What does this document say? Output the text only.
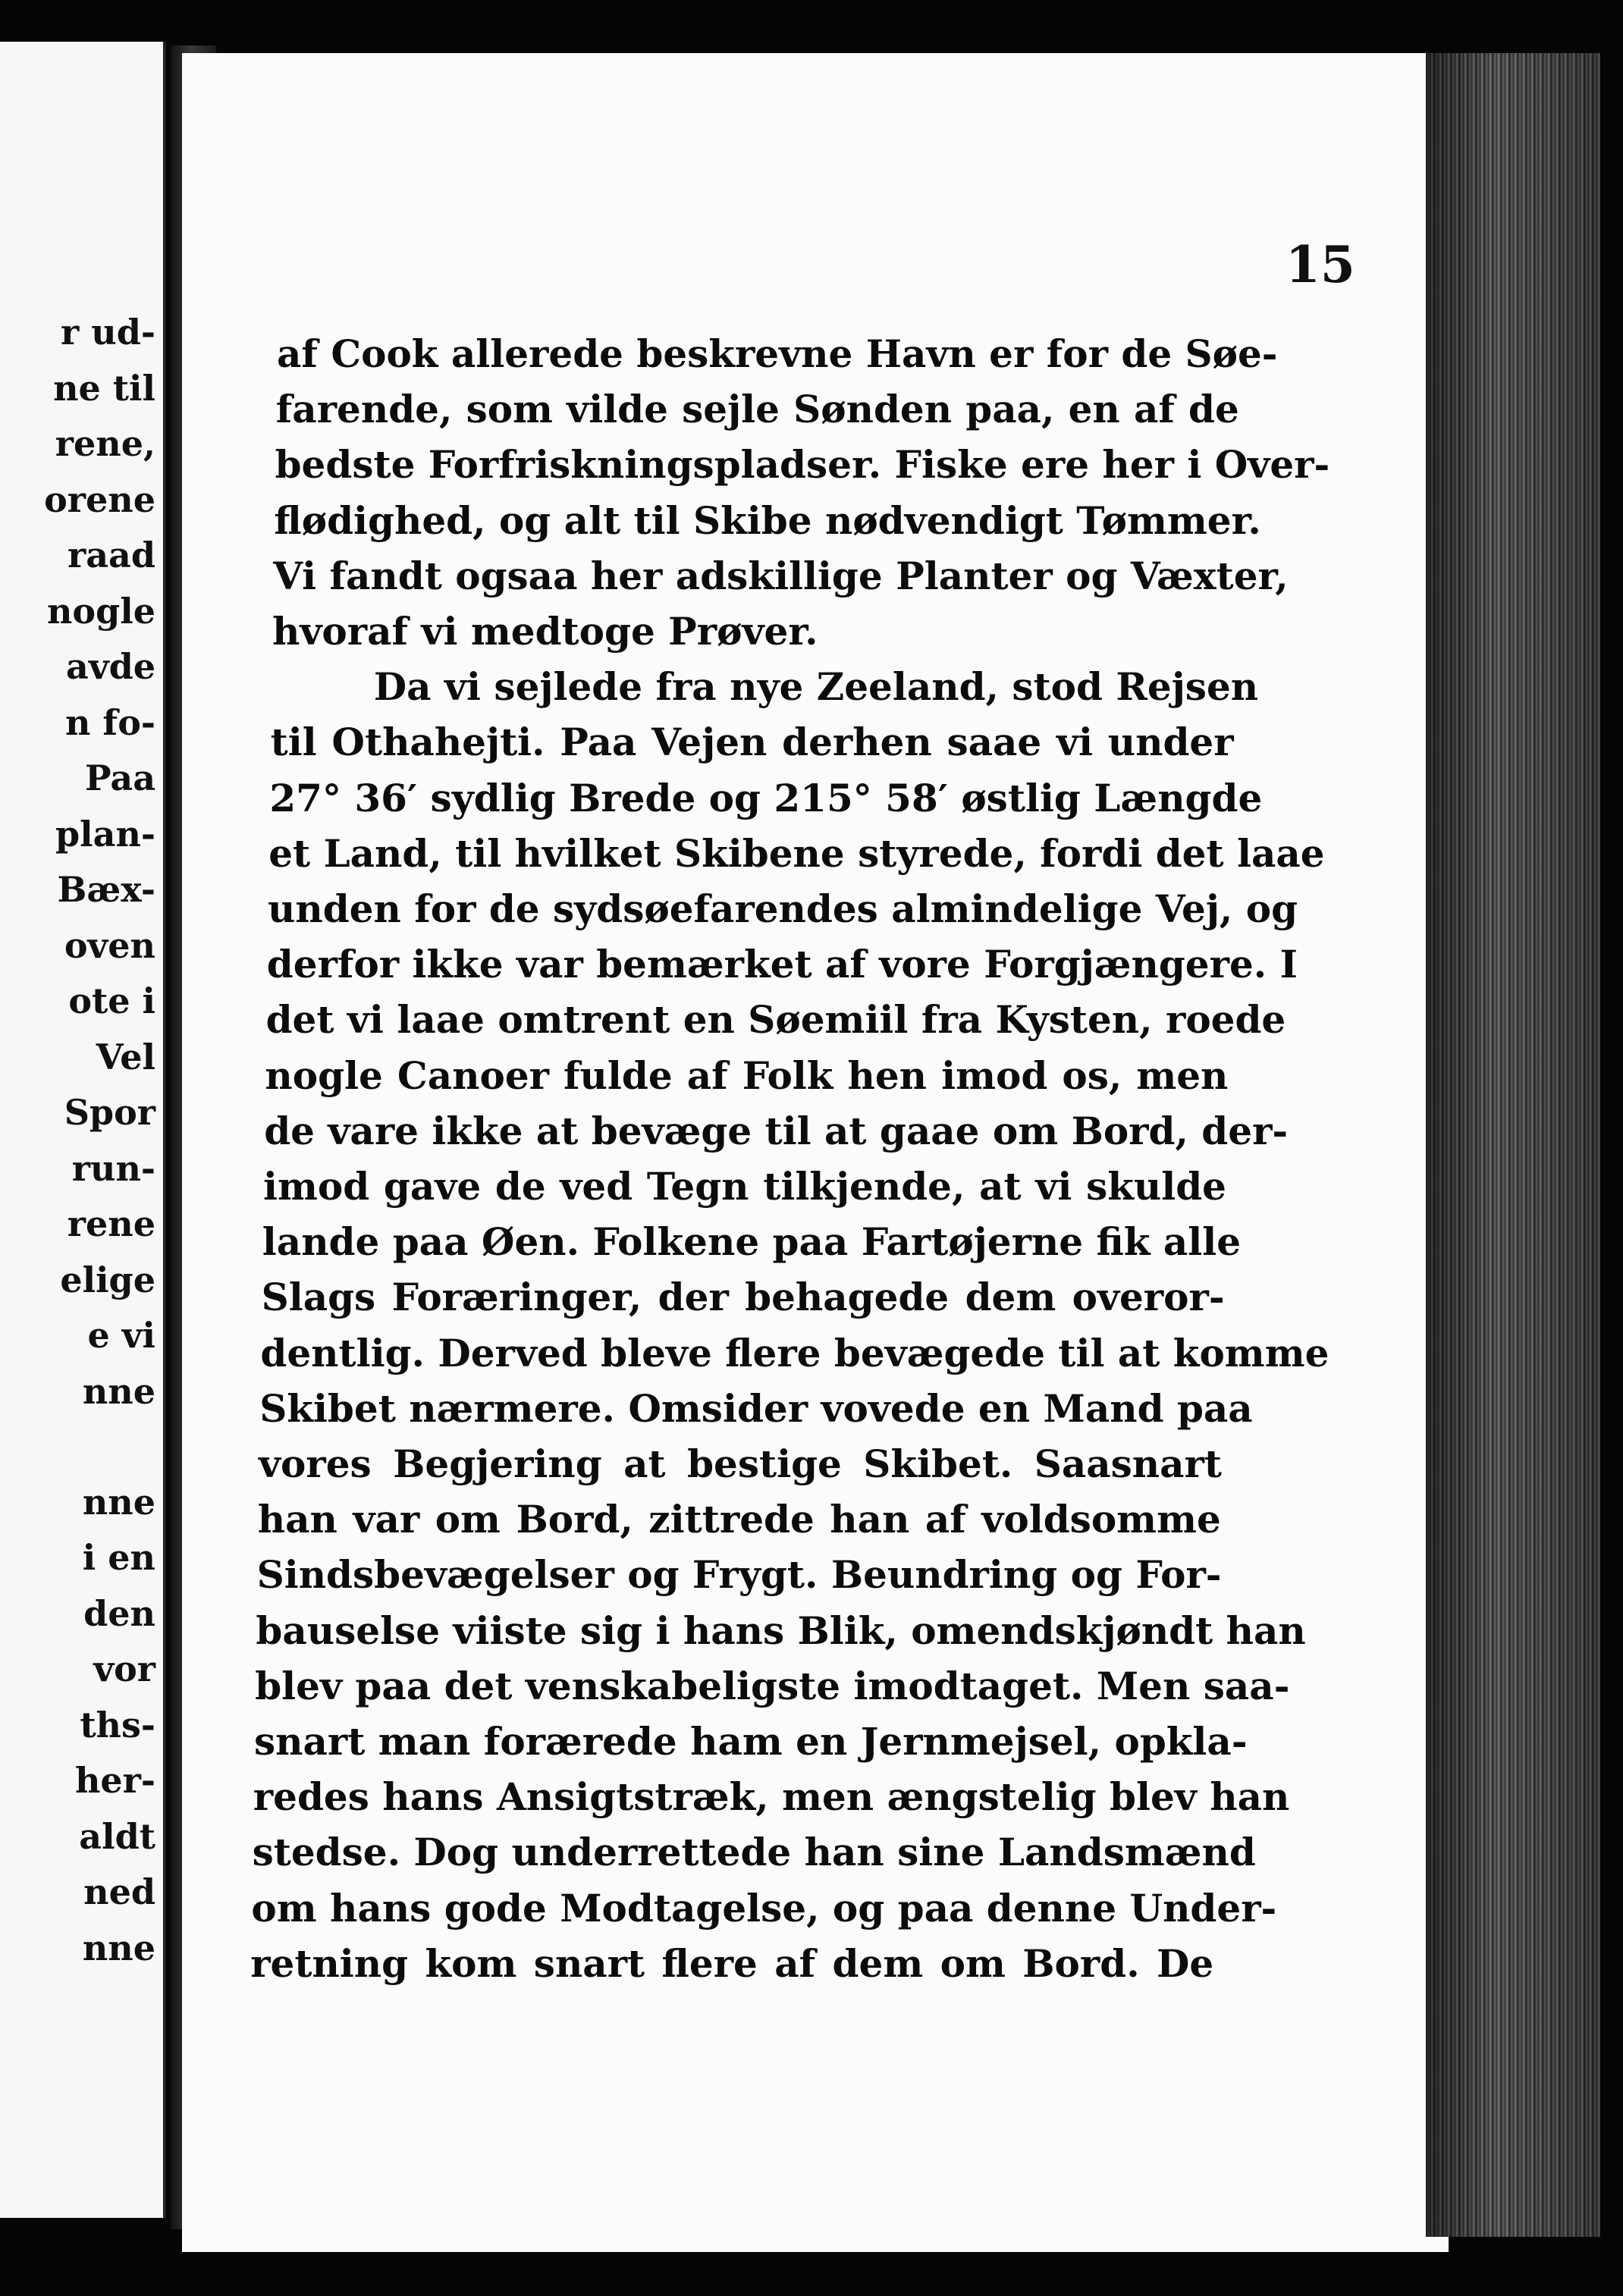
r ud-
ne til
rene,
orene
raad
nogle
avde
n fo-
Paa
plan-
Bæx-
oven
ote i
Vel
Spor
run-
rene
elige
e vi
nne
nne
i en
den
vor
ths-
her-
aldt
ned
nne
15
af Cook allerede beskrevne Havn er for de Søe-
farende, som vilde sejle Sønden paa, en af de
bedste Forfriskningspladser. Fiske ere her i Over-
flødighed, og alt til Skibe nødvendigt Tømmer.
Vi fandt ogsaa her adskillige Planter og Væxter,
hvoraf vi medtoge Prøver.
Da vi sejlede fra nye Zeeland, stod Rejsen
til Othahejti. Paa Vejen derhen saae vi under
27° 36′ sydlig Brede og 215° 58′ østlig Længde
et Land, til hvilket Skibene styrede, fordi det laae
unden for de sydsøefarendes almindelige Vej, og
derfor ikke var bemærket af vore Forgjængere. I
det vi laae omtrent en Søemiil fra Kysten, roede
nogle Canoer fulde af Folk hen imod os, men
de vare ikke at bevæge til at gaae om Bord, der-
imod gave de ved Tegn tilkjende, at vi skulde
lande paa Øen. Folkene paa Fartøjerne fik alle
Slags Foræringer, der behagede dem overor-
dentlig. Derved bleve flere bevægede til at komme
Skibet nærmere. Omsider vovede en Mand paa
vores Begjering at bestige Skibet. Saasnart
han var om Bord, zittrede han af voldsomme
Sindsbevægelser og Frygt. Beundring og For-
bauselse viiste sig i hans Blik, omendskjøndt han
blev paa det venskabeligste imodtaget. Men saa-
snart man forærede ham en Jernmejsel, opkla-
redes hans Ansigtstræk, men ængstelig blev han
stedse. Dog underrettede han sine Landsmænd
om hans gode Modtagelse, og paa denne Under-
retning kom snart flere af dem om Bord. De
